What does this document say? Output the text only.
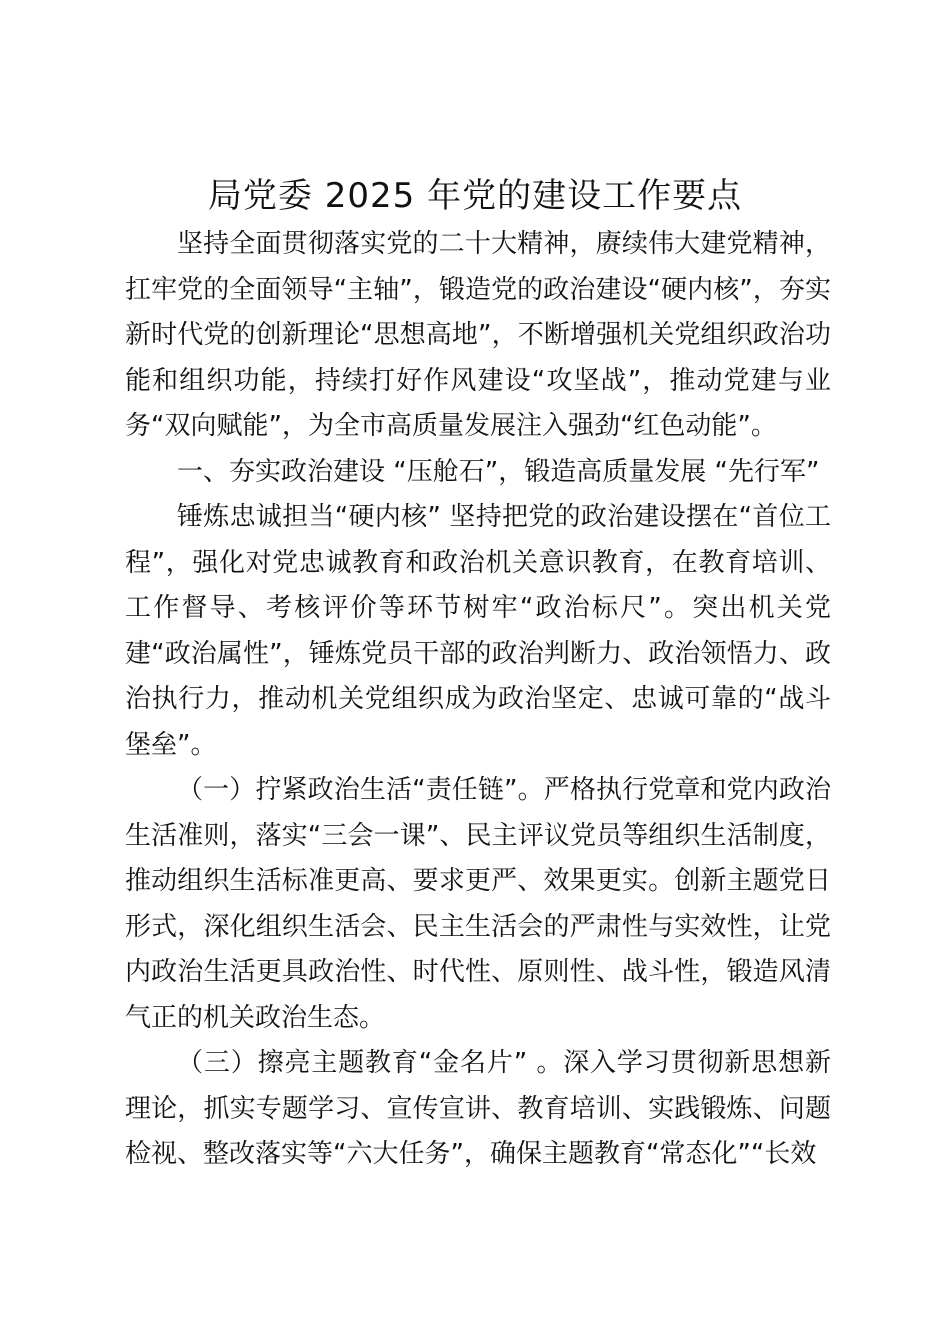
局党委 2025 年党的建设工作要点

坚持全面贯彻落实党的二十大精神，赓续伟大建党精神，扛牢党的全面领导“主轴”，锻造党的政治建设“硬内核”，夯实新时代党的创新理论“思想高地”，不断增强机关党组织政治功能和组织功能，持续打好作风建设“攻坚战”，推动党建与业务“双向赋能”，为全市高质量发展注入强劲“红色动能”。

一、夯实政治建设 “压舱石”，锻造高质量发展 “先行军”

锤炼忠诚担当“硬内核” 坚持把党的政治建设摆在“首位工程”，强化对党忠诚教育和政治机关意识教育，在教育培训、工作督导、考核评价等环节树牢“政治标尺”。突出机关党建“政治属性”，锤炼党员干部的政治判断力、政治领悟力、政治执行力，推动机关党组织成为政治坚定、忠诚可靠的“战斗堡垒”。

（一）拧紧政治生活“责任链”。严格执行党章和党内政治生活准则，落实“三会一课”、民主评议党员等组织生活制度，推动组织生活标准更高、要求更严、效果更实。创新主题党日形式，深化组织生活会、民主生活会的严肃性与实效性，让党内政治生活更具政治性、时代性、原则性、战斗性，锻造风清气正的机关政治生态。

（三）擦亮主题教育“金名片” 。深入学习贯彻新思想新理论，抓实专题学习、宣传宣讲、教育培训、实践锻炼、问题检视、整改落实等“六大任务”，确保主题教育“常态化”“长效
